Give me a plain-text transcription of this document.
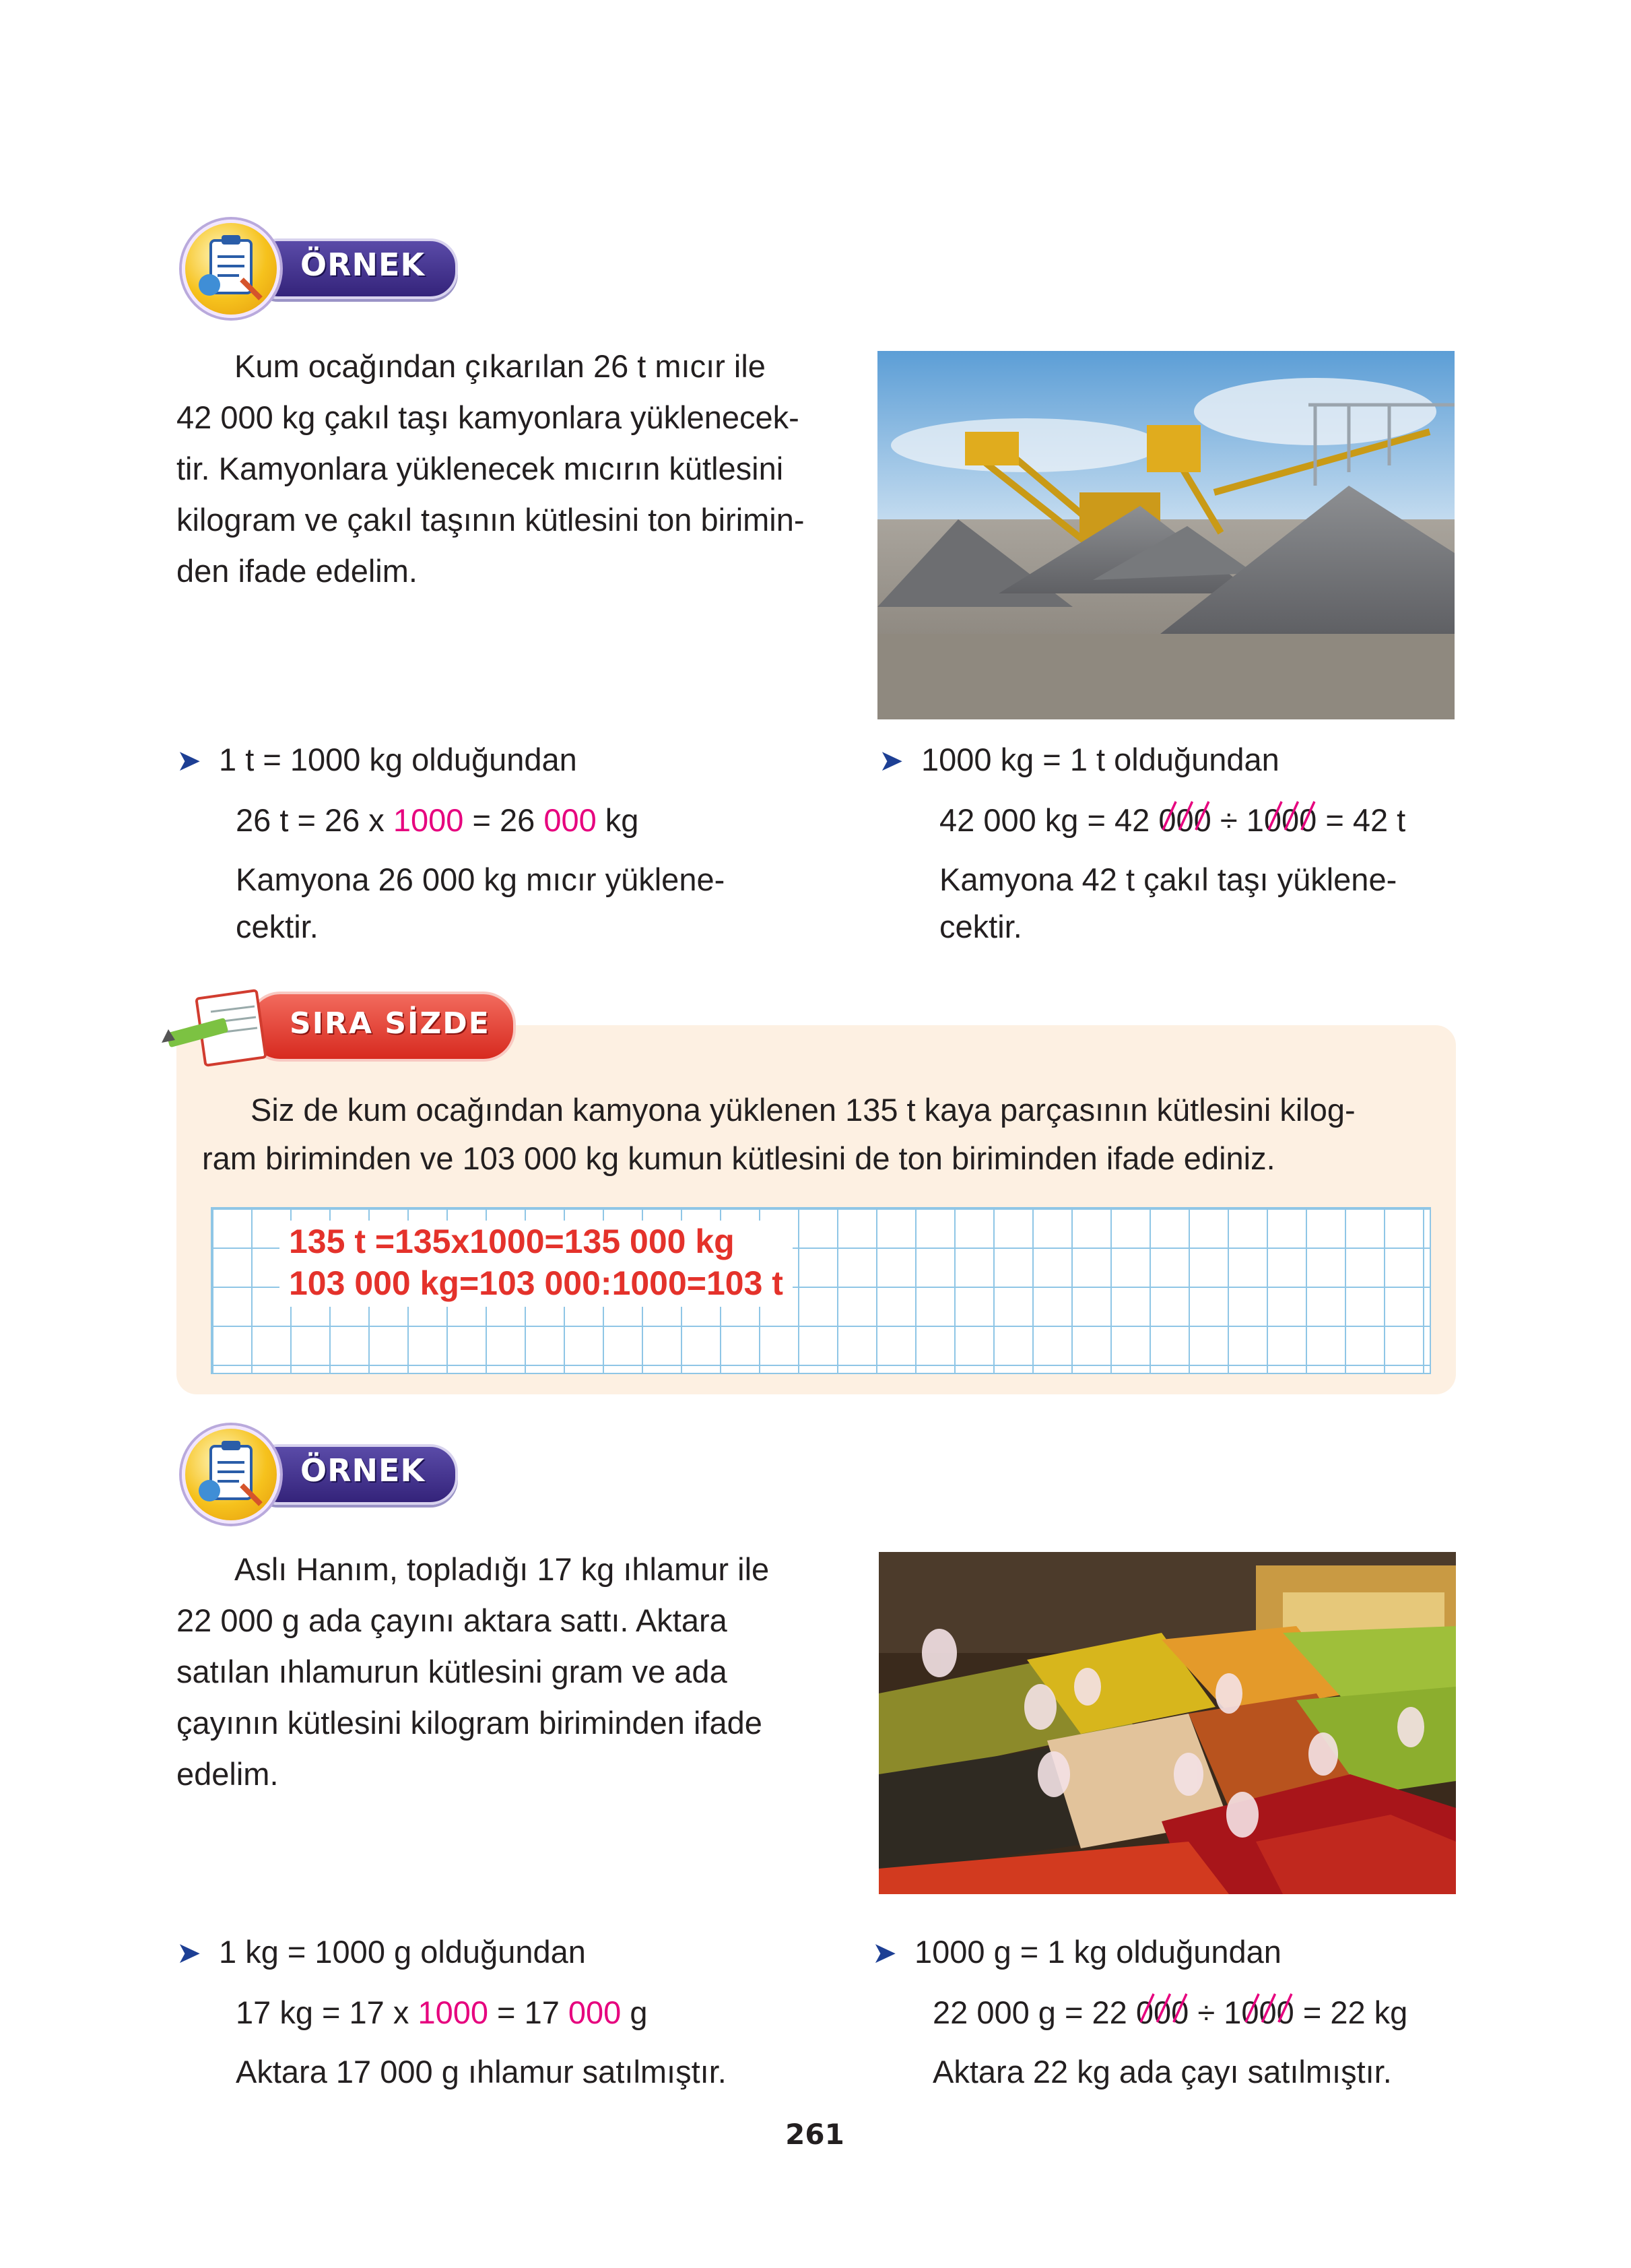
ÖRNEK
Kum ocağından çıkarılan 26 t mıcır ile
42 000 kg çakıl taşı kamyonlara yüklenecek-
tir. Kamyonlara yüklenecek mıcırın kütlesini
kilogram ve çakıl taşının kütlesini ton birimin-
den ifade edelim.
➤ 1 t = 1000 kg olduğundan
26 t = 26 x 1000 = 26 000 kg
Kamyona 26 000 kg mıcır yüklene-
cektir.
➤ 1000 kg = 1 t olduğundan
42 000 kg = 42 000
÷ 1000
= 42 t
Kamyona 42 t çakıl taşı yüklene-
cektir.
SIRA SİZDE
Siz de kum ocağından kamyona yüklenen 135 t kaya parçasının kütlesini kilog-
ram biriminden ve 103 000 kg kumun kütlesini de ton biriminden ifade ediniz.
135 t =135x1000=135 000 kg
103 000 kg=103 000:1000=103 t
ÖRNEK
Aslı Hanım, topladığı 17 kg ıhlamur ile
22 000 g ada çayını aktara sattı. Aktara
satılan ıhlamurun kütlesini gram ve ada
çayının kütlesini kilogram biriminden ifade
edelim.
➤ 1 kg = 1000 g olduğundan
17 kg = 17 x 1000 = 17 000 g
Aktara 17 000 g ıhlamur satılmıştır.
➤ 1000 g = 1 kg olduğundan
22 000 g = 22 000
÷ 1000
= 22 kg
Aktara 22 kg ada çayı satılmıştır.
261
